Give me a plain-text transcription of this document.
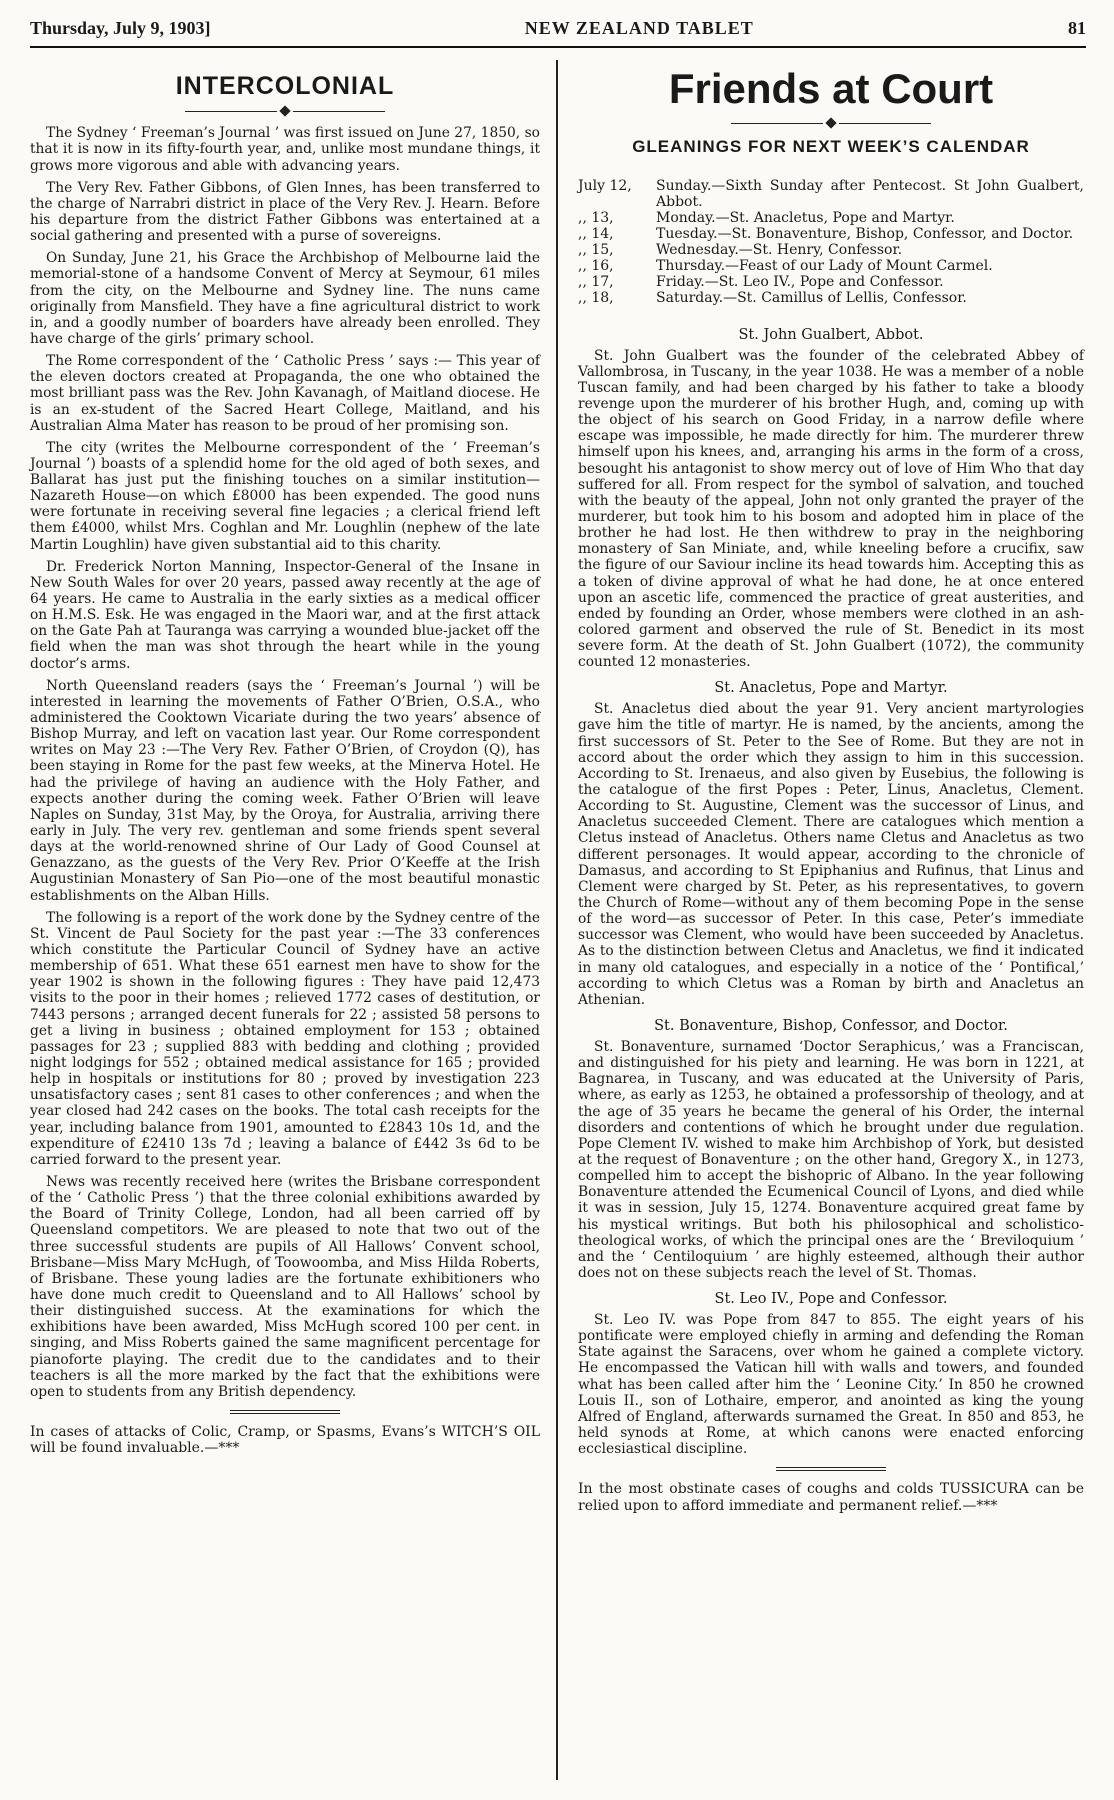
Thursday, July 9, 1903]	NEW ZEALAND TABLET	81
INTERCOLONIAL

The Sydney ‘ Freeman’s Journal ’ was first issued on June 27, 1850, so that it is now in its fifty-fourth year, and, unlike most mundane things, it grows more vigorous and able with advancing years.

The Very Rev. Father Gibbons, of Glen Innes, has been transferred to the charge of Narrabri district in place of the Very Rev. J. Hearn. Before his departure from the district Father Gibbons was entertained at a social gathering and presented with a purse of sovereigns.

On Sunday, June 21, his Grace the Archbishop of Melbourne laid the memorial-stone of a handsome Convent of Mercy at Seymour, 61 miles from the city, on the Melbourne and Sydney line. The nuns came originally from Mansfield. They have a fine agricultural district to work in, and a goodly number of boarders have already been enrolled. They have charge of the girls’ primary school.

The Rome correspondent of the ‘ Catholic Press ’ says :— This year of the eleven doctors created at Propaganda, the one who obtained the most brilliant pass was the Rev. John Kavanagh, of Maitland diocese. He is an ex-student of the Sacred Heart College, Maitland, and his Australian Alma Mater has reason to be proud of her promising son.

The city (writes the Melbourne correspondent of the ‘ Freeman’s Journal ’) boasts of a splendid home for the old aged of both sexes, and Ballarat has just put the finishing touches on a similar institution—Nazareth House—on which £8000 has been expended. The good nuns were fortunate in receiving several fine legacies ; a clerical friend left them £4000, whilst Mrs. Coghlan and Mr. Loughlin (nephew of the late Martin Loughlin) have given substantial aid to this charity.

Dr. Frederick Norton Manning, Inspector-General of the Insane in New South Wales for over 20 years, passed away recently at the age of 64 years. He came to Australia in the early sixties as a medical officer on H.M.S. Esk. He was engaged in the Maori war, and at the first attack on the Gate Pah at Tauranga was carrying a wounded blue-jacket off the field when the man was shot through the heart while in the young doctor’s arms.

North Queensland readers (says the ‘ Freeman’s Journal ’) will be interested in learning the movements of Father O’Brien, O.S.A., who administered the Cooktown Vicariate during the two years’ absence of Bishop Murray, and left on vacation last year. Our Rome correspondent writes on May 23 :—The Very Rev. Father O’Brien, of Croydon (Q), has been staying in Rome for the past few weeks, at the Minerva Hotel. He had the privilege of having an audience with the Holy Father, and expects another during the coming week. Father O’Brien will leave Naples on Sunday, 31st May, by the Oroya, for Australia, arriving there early in July. The very rev. gentleman and some friends spent several days at the world-renowned shrine of Our Lady of Good Counsel at Genazzano, as the guests of the Very Rev. Prior O’Keeffe at the Irish Augustinian Monastery of San Pio—one of the most beautiful monastic establishments on the Alban Hills.

The following is a report of the work done by the Sydney centre of the St. Vincent de Paul Society for the past year :—The 33 conferences which constitute the Particular Council of Sydney have an active membership of 651. What these 651 earnest men have to show for the year 1902 is shown in the following figures : They have paid 12,473 visits to the poor in their homes ; relieved 1772 cases of destitution, or 7443 persons ; arranged decent funerals for 22 ; assisted 58 persons to get a living in business ; obtained employment for 153 ; obtained passages for 23 ; supplied 883 with bedding and clothing ; provided night lodgings for 552 ; obtained medical assistance for 165 ; provided help in hospitals or institutions for 80 ; proved by investigation 223 unsatisfactory cases ; sent 81 cases to other conferences ; and when the year closed had 242 cases on the books. The total cash receipts for the year, including balance from 1901, amounted to £2843 10s 1d, and the expenditure of £2410 13s 7d ; leaving a balance of £442 3s 6d to be carried forward to the present year.

News was recently received here (writes the Brisbane correspondent of the ‘ Catholic Press ’) that the three colonial exhibitions awarded by the Board of Trinity College, London, had all been carried off by Queensland competitors. We are pleased to note that two out of the three successful students are pupils of All Hallows’ Convent school, Brisbane—Miss Mary McHugh, of Toowoomba, and Miss Hilda Roberts, of Brisbane. These young ladies are the fortunate exhibitioners who have done much credit to Queensland and to All Hallows’ school by their distinguished success. At the examinations for which the exhibitions have been awarded, Miss McHugh scored 100 per cent. in singing, and Miss Roberts gained the same magnificent percentage for pianoforte playing. The credit due to the candidates and to their teachers is all the more marked by the fact that the exhibitions were open to students from any British dependency.

In cases of attacks of Colic, Cramp, or Spasms, Evans’s WITCH’S OIL will be found invaluable.—***

Friends at Court
GLEANINGS FOR NEXT WEEK’S CALENDAR
July 12,	Sunday.—Sixth Sunday after Pentecost. St John Gualbert, Abbot.
,, 13,	Monday.—St. Anacletus, Pope and Martyr.
,, 14,	Tuesday.—St. Bonaventure, Bishop, Confessor, and Doctor.
,, 15,	Wednesday.—St. Henry, Confessor.
,, 16,	Thursday.—Feast of our Lady of Mount Carmel.
,, 17,	Friday.—St. Leo IV., Pope and Confessor.
,, 18,	Saturday.—St. Camillus of Lellis, Confessor.
St. John Gualbert, Abbot.

St. John Gualbert was the founder of the celebrated Abbey of Vallombrosa, in Tuscany, in the year 1038. He was a member of a noble Tuscan family, and had been charged by his father to take a bloody revenge upon the murderer of his brother Hugh, and, coming up with the object of his search on Good Friday, in a narrow defile where escape was impossible, he made directly for him. The murderer threw himself upon his knees, and, arranging his arms in the form of a cross, besought his antagonist to show mercy out of love of Him Who that day suffered for all. From respect for the symbol of salvation, and touched with the beauty of the appeal, John not only granted the prayer of the murderer, but took him to his bosom and adopted him in place of the brother he had lost. He then withdrew to pray in the neighboring monastery of San Miniate, and, while kneeling before a crucifix, saw the figure of our Saviour incline its head towards him. Accepting this as a token of divine approval of what he had done, he at once entered upon an ascetic life, commenced the practice of great austerities, and ended by founding an Order, whose members were clothed in an ash-colored garment and observed the rule of St. Benedict in its most severe form. At the death of St. John Gualbert (1072), the community counted 12 monasteries.

St. Anacletus, Pope and Martyr.

St. Anacletus died about the year 91. Very ancient martyrologies gave him the title of martyr. He is named, by the ancients, among the first successors of St. Peter to the See of Rome. But they are not in accord about the order which they assign to him in this succession. According to St. Irenaeus, and also given by Eusebius, the following is the catalogue of the first Popes : Peter, Linus, Anacletus, Clement. According to St. Augustine, Clement was the successor of Linus, and Anacletus succeeded Clement. There are catalogues which mention a Cletus instead of Anacletus. Others name Cletus and Anacletus as two different personages. It would appear, according to the chronicle of Damasus, and according to St Epiphanius and Rufinus, that Linus and Clement were charged by St. Peter, as his representatives, to govern the Church of Rome—without any of them becoming Pope in the sense of the word—as successor of Peter. In this case, Peter’s immediate successor was Clement, who would have been succeeded by Anacletus. As to the distinction between Cletus and Anacletus, we find it indicated in many old catalogues, and especially in a notice of the ‘ Pontifical,’ according to which Cletus was a Roman by birth and Anacletus an Athenian.

St. Bonaventure, Bishop, Confessor, and Doctor.

St. Bonaventure, surnamed ‘Doctor Seraphicus,’ was a Franciscan, and distinguished for his piety and learning. He was born in 1221, at Bagnarea, in Tuscany, and was educated at the University of Paris, where, as early as 1253, he obtained a professorship of theology, and at the age of 35 years he became the general of his Order, the internal disorders and contentions of which he brought under due regulation. Pope Clement IV. wished to make him Archbishop of York, but desisted at the request of Bonaventure ; on the other hand, Gregory X., in 1273, compelled him to accept the bishopric of Albano. In the year following Bonaventure attended the Ecumenical Council of Lyons, and died while it was in session, July 15, 1274. Bonaventure acquired great fame by his mystical writings. But both his philosophical and scholistico-theological works, of which the principal ones are the ‘ Breviloquium ’ and the ‘ Centiloquium ’ are highly esteemed, although their author does not on these subjects reach the level of St. Thomas.

St. Leo IV., Pope and Confessor.

St. Leo IV. was Pope from 847 to 855. The eight years of his pontificate were employed chiefly in arming and defending the Roman State against the Saracens, over whom he gained a complete victory. He encompassed the Vatican hill with walls and towers, and founded what has been called after him the ‘ Leonine City.’ In 850 he crowned Louis II., son of Lothaire, emperor, and anointed as king the young Alfred of England, afterwards surnamed the Great. In 850 and 853, he held synods at Rome, at which canons were enacted enforcing ecclesiastical discipline.

In the most obstinate cases of coughs and colds TUSSICURA can be relied upon to afford immediate and permanent relief.—***
